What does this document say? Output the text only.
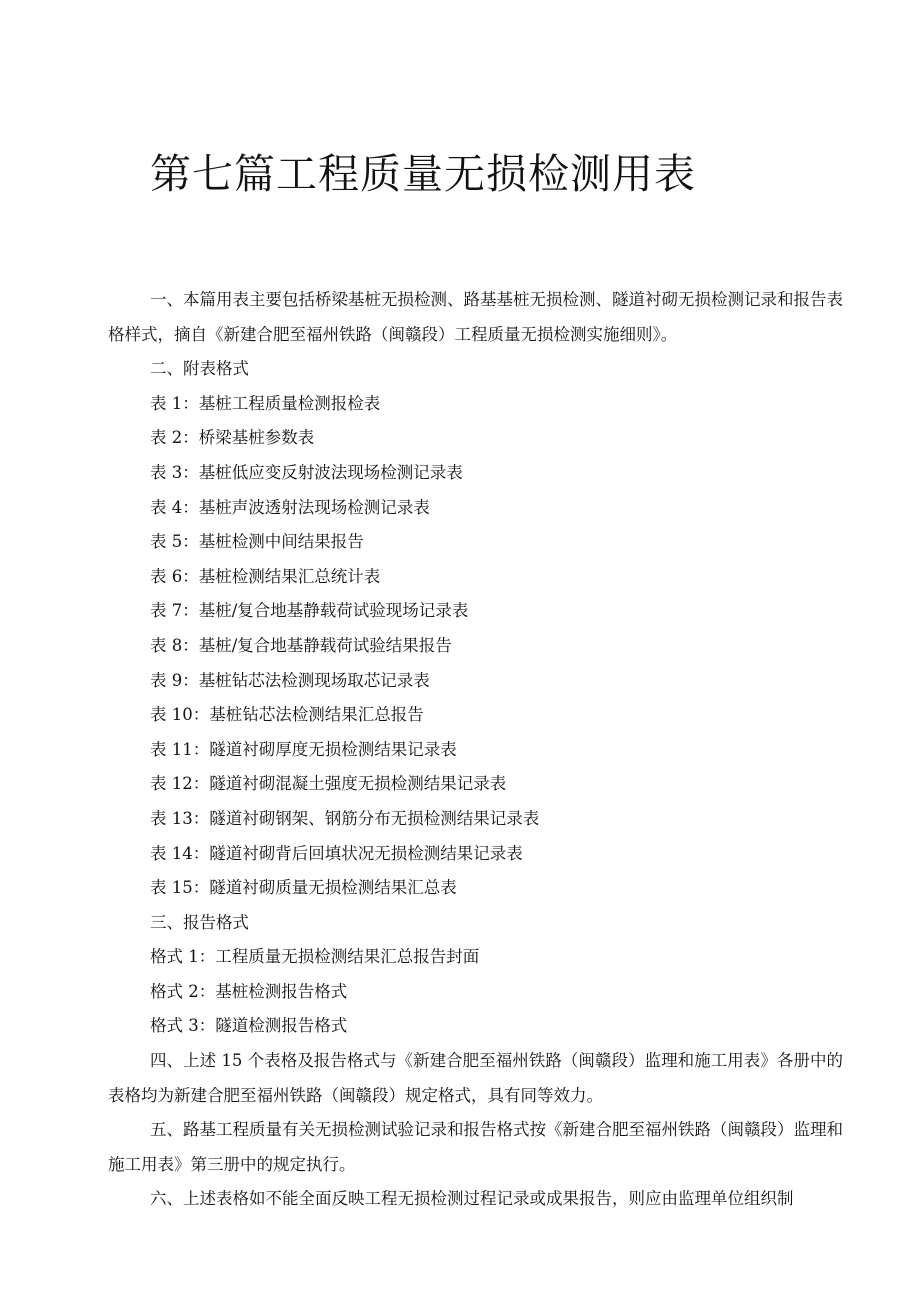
第七篇工程质量无损检测用表

一、本篇用表主要包括桥梁基桩无损检测、路基基桩无损检测、隧道衬砌无损检测记录和报告表格样式，摘自《新建合肥至福州铁路（闽赣段）工程质量无损检测实施细则》。

二、附表格式

表 1：基桩工程质量检测报检表

表 2：桥梁基桩参数表

表 3：基桩低应变反射波法现场检测记录表

表 4：基桩声波透射法现场检测记录表

表 5：基桩检测中间结果报告

表 6：基桩检测结果汇总统计表

表 7：基桩/复合地基静载荷试验现场记录表

表 8：基桩/复合地基静载荷试验结果报告

表 9：基桩钻芯法检测现场取芯记录表

表 10：基桩钻芯法检测结果汇总报告

表 11：隧道衬砌厚度无损检测结果记录表

表 12：隧道衬砌混凝土强度无损检测结果记录表

表 13：隧道衬砌钢架、钢筋分布无损检测结果记录表

表 14：隧道衬砌背后回填状况无损检测结果记录表

表 15：隧道衬砌质量无损检测结果汇总表

三、报告格式

格式 1：工程质量无损检测结果汇总报告封面

格式 2：基桩检测报告格式

格式 3：隧道检测报告格式

四、上述 15 个表格及报告格式与《新建合肥至福州铁路（闽赣段）监理和施工用表》各册中的表格均为新建合肥至福州铁路（闽赣段）规定格式，具有同等效力。

五、路基工程质量有关无损检测试验记录和报告格式按《新建合肥至福州铁路（闽赣段）监理和施工用表》第三册中的规定执行。

六、上述表格如不能全面反映工程无损检测过程记录或成果报告，则应由监理单位组织制
